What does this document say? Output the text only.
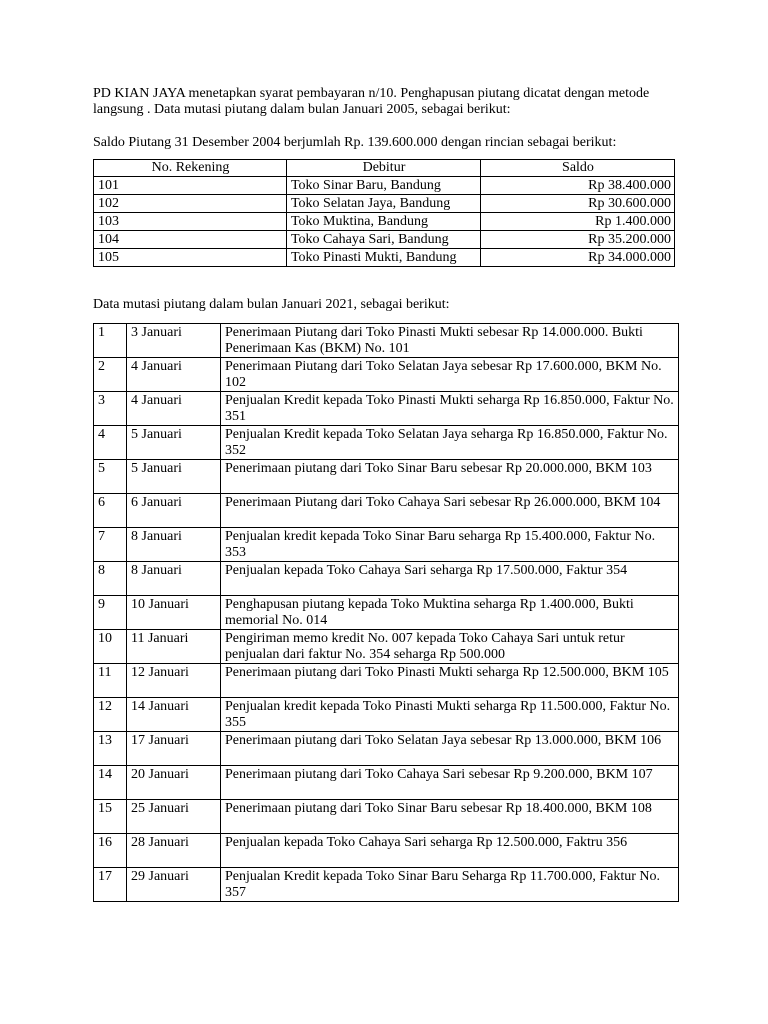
PD KIAN JAYA menetapkan syarat pembayaran n/10. Penghapusan piutang dicatat dengan metode langsung . Data mutasi piutang dalam bulan Januari 2005, sebagai berikut:

Saldo Piutang 31 Desember 2004 berjumlah Rp. 139.600.000 dengan rincian sebagai berikut:

No. Rekening	Debitur	Saldo
101	Toko Sinar Baru, Bandung	Rp 38.400.000
102	Toko Selatan Jaya, Bandung	Rp 30.600.000
103	Toko Muktina, Bandung	Rp 1.400.000
104	Toko Cahaya Sari, Bandung	Rp 35.200.000
105	Toko Pinasti Mukti, Bandung	Rp 34.000.000

Data mutasi piutang dalam bulan Januari 2021, sebagai berikut:

1	3 Januari	Penerimaan Piutang dari Toko Pinasti Mukti sebesar Rp 14.000.000. Bukti Penerimaan Kas (BKM) No. 101
2	4 Januari	Penerimaan Piutang dari Toko Selatan Jaya sebesar Rp 17.600.000, BKM No. 102
3	4 Januari	Penjualan Kredit kepada Toko Pinasti Mukti seharga Rp 16.850.000, Faktur No. 351
4	5 Januari	Penjualan Kredit kepada Toko Selatan Jaya seharga Rp 16.850.000, Faktur No. 352
5	5 Januari	Penerimaan piutang dari Toko Sinar Baru sebesar Rp 20.000.000, BKM 103
6	6 Januari	Penerimaan Piutang dari Toko Cahaya Sari sebesar Rp 26.000.000, BKM 104
7	8 Januari	Penjualan kredit kepada Toko Sinar Baru seharga Rp 15.400.000, Faktur No. 353
8	8 Januari	Penjualan kepada Toko Cahaya Sari seharga Rp 17.500.000, Faktur 354
9	10 Januari	Penghapusan piutang kepada Toko Muktina seharga Rp 1.400.000, Bukti memorial No. 014
10	11 Januari	Pengiriman memo kredit No. 007 kepada Toko Cahaya Sari untuk retur penjualan dari faktur No. 354 seharga Rp 500.000
11	12 Januari	Penerimaan piutang dari Toko Pinasti Mukti seharga Rp 12.500.000, BKM 105
12	14 Januari	Penjualan kredit kepada Toko Pinasti Mukti seharga Rp 11.500.000, Faktur No. 355
13	17 Januari	Penerimaan piutang dari Toko Selatan Jaya sebesar Rp 13.000.000, BKM 106
14	20 Januari	Penerimaan piutang dari Toko Cahaya Sari sebesar Rp 9.200.000, BKM 107
15	25 Januari	Penerimaan piutang dari Toko Sinar Baru sebesar Rp 18.400.000, BKM 108
16	28 Januari	Penjualan kepada Toko Cahaya Sari seharga Rp 12.500.000, Faktru 356
17	29 Januari	Penjualan Kredit kepada Toko Sinar Baru Seharga Rp 11.700.000, Faktur No. 357
